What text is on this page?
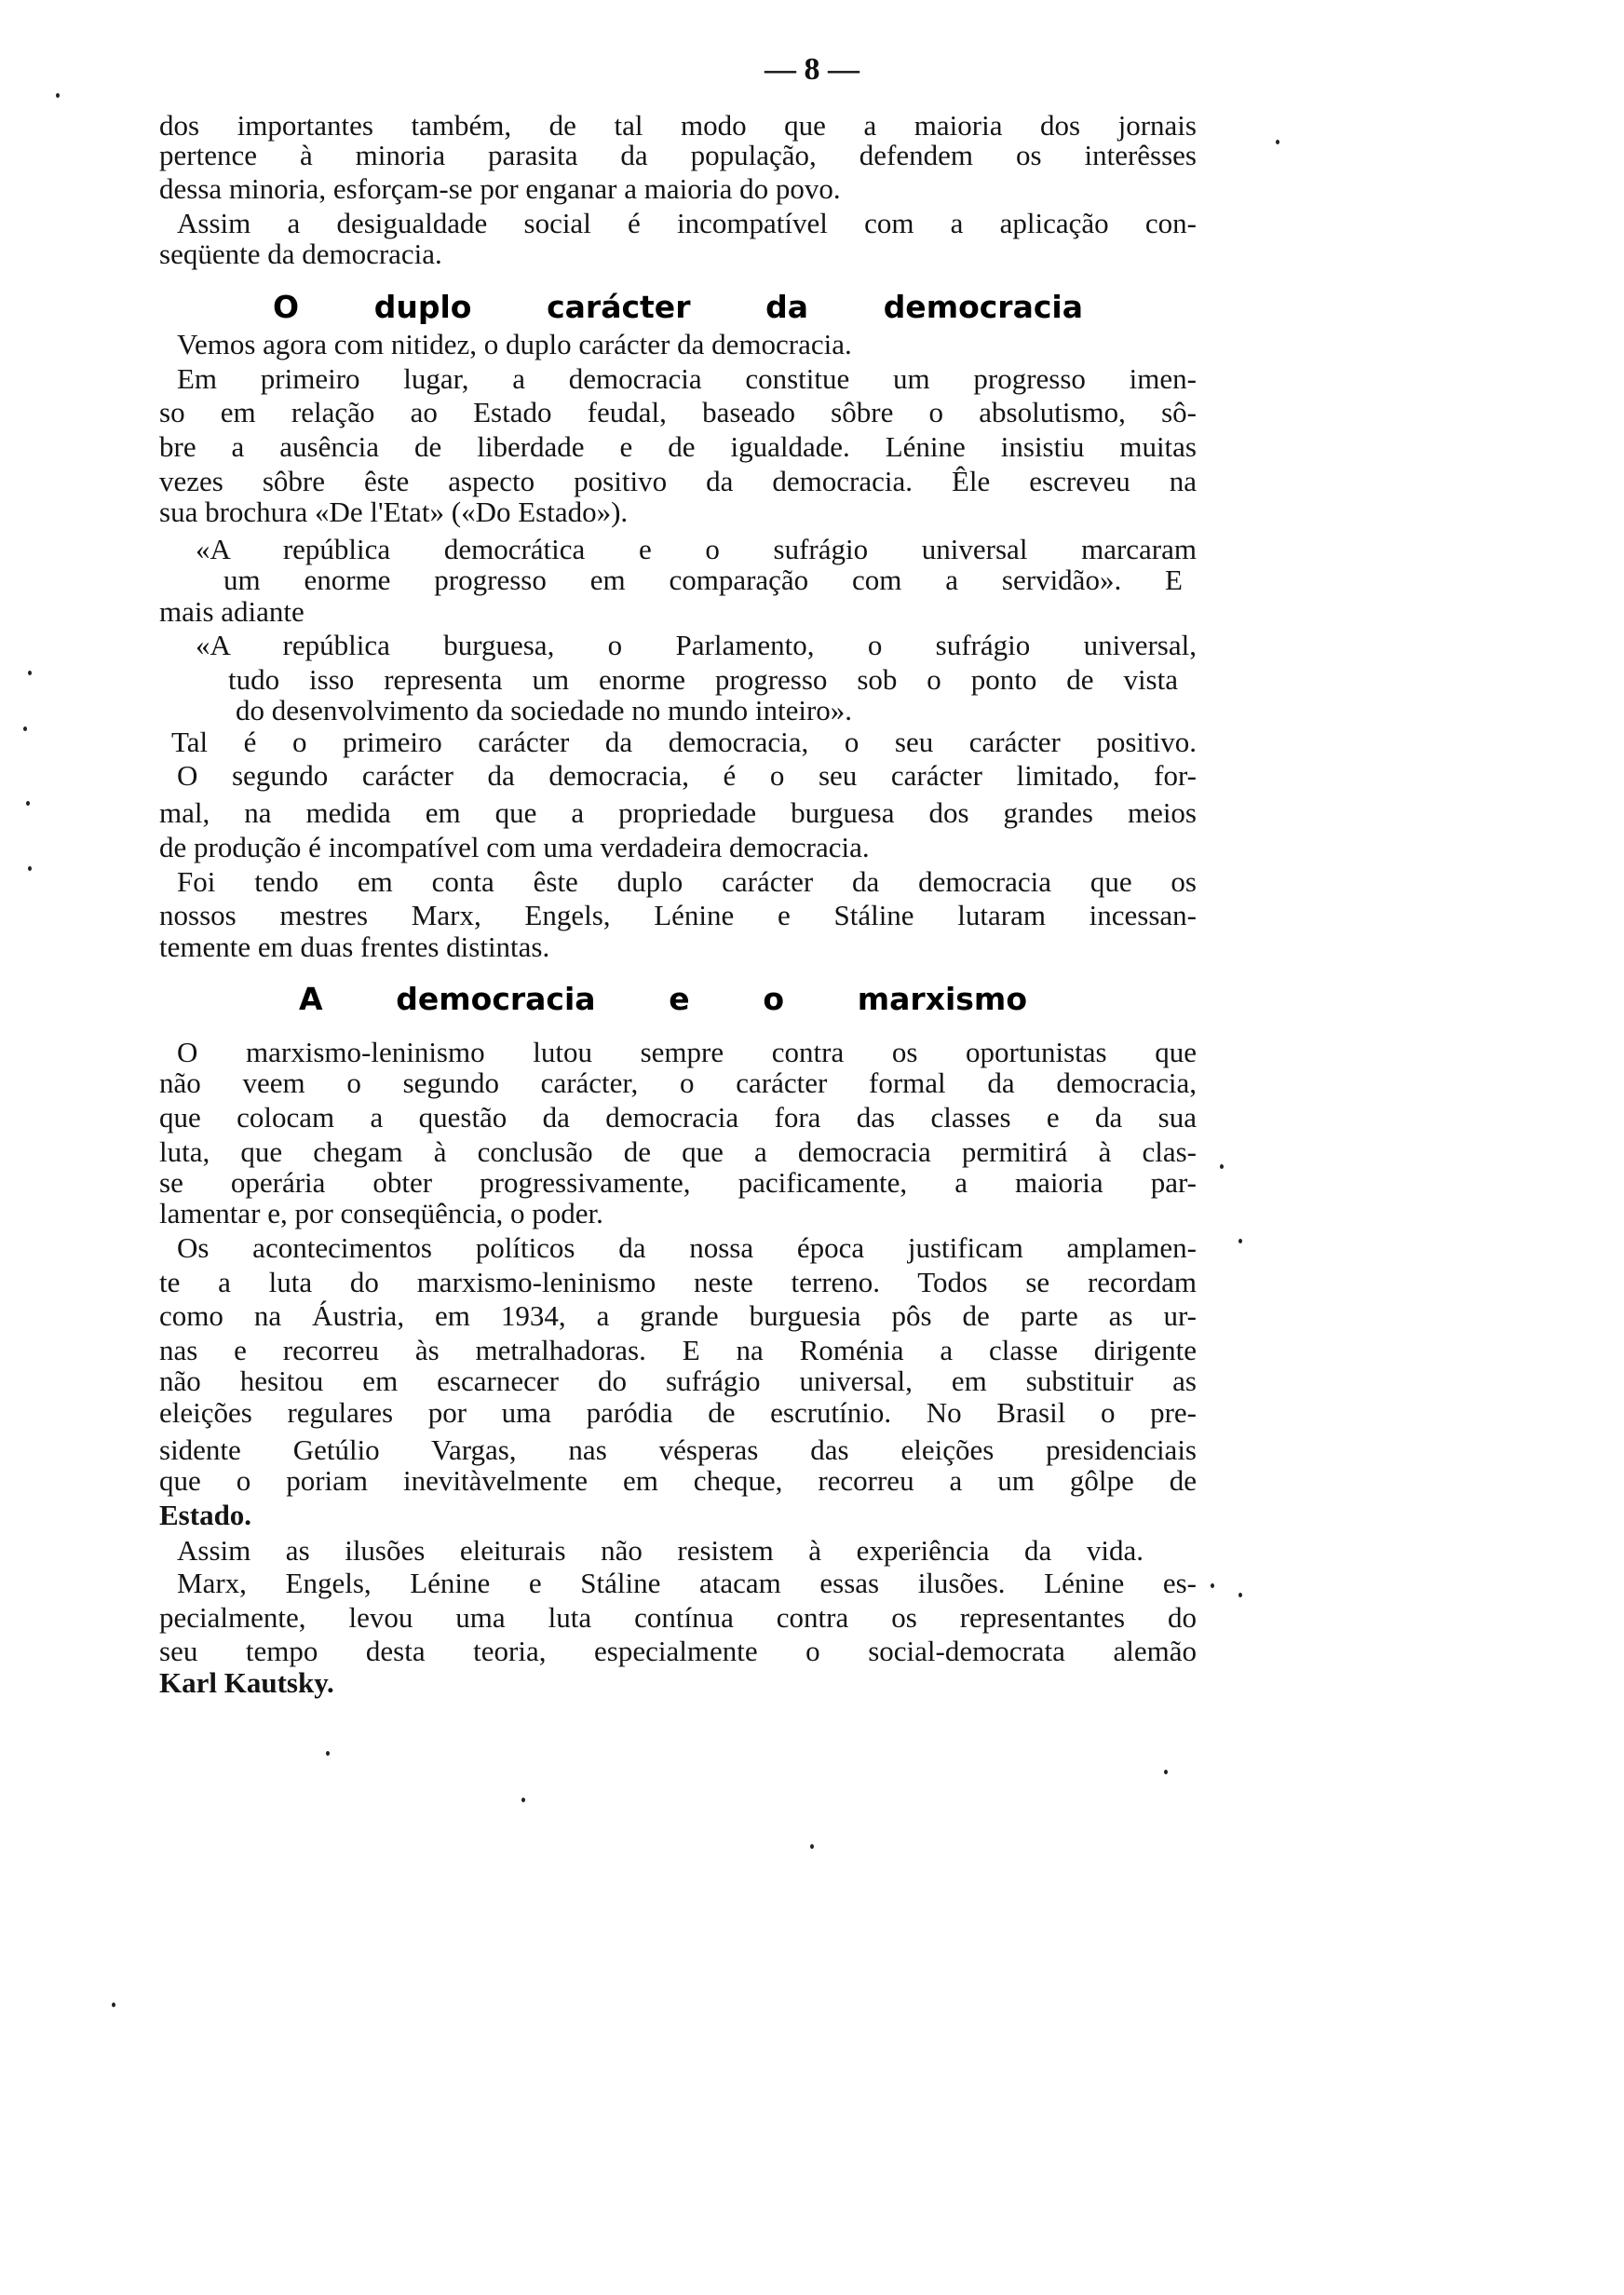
— 8 —
O duplo carácter da democracia
A democracia e o marxismo
dos importantes também, de tal modo que a maioria dos jornais
pertence à minoria parasita da população, defendem os interêsses
dessa minoria, esforçam-se por enganar a maioria do povo.
Assim a desigualdade social é incompatível com a aplicação con-
seqüente da democracia.
Vemos agora com nitidez, o duplo carácter da democracia.
Em primeiro lugar, a democracia constitue um progresso imen-
so em relação ao Estado feudal, baseado sôbre o absolutismo, sô-
bre a ausência de liberdade e de igualdade. Lénine insistiu muitas
vezes sôbre êste aspecto positivo da democracia. Êle escreveu na
sua brochura «De l'Etat» («Do Estado»).
«A república democrática e o sufrágio universal marcaram
um enorme progresso em comparação com a servidão». E
mais adiante
«A república burguesa, o Parlamento, o sufrágio universal,
tudo isso representa um enorme progresso sob o ponto de vista
do desenvolvimento da sociedade no mundo inteiro».
Tal é o primeiro carácter da democracia, o seu carácter positivo.
O segundo carácter da democracia, é o seu carácter limitado, for-
mal, na medida em que a propriedade burguesa dos grandes meios
de produção é incompatível com uma verdadeira democracia.
Foi tendo em conta êste duplo carácter da democracia que os
nossos mestres Marx, Engels, Lénine e Stáline lutaram incessan-
temente em duas frentes distintas.
O marxismo-leninismo lutou sempre contra os oportunistas que
não veem o segundo carácter, o carácter formal da democracia,
que colocam a questão da democracia fora das classes e da sua
luta, que chegam à conclusão de que a democracia permitirá à clas-
se operária obter progressivamente, pacificamente, a maioria par-
lamentar e, por conseqüência, o poder.
Os acontecimentos políticos da nossa época justificam amplamen-
te a luta do marxismo-leninismo neste terreno. Todos se recordam
como na Áustria, em 1934, a grande burguesia pôs de parte as ur-
nas e recorreu às metralhadoras. E na Roménia a classe dirigente
não hesitou em escarnecer do sufrágio universal, em substituir as
eleições regulares por uma paródia de escrutínio. No Brasil o pre-
sidente Getúlio Vargas, nas vésperas das eleições presidenciais
que o poriam inevitàvelmente em cheque, recorreu a um gôlpe de
Estado.
Assim as ilusões eleiturais não resistem à experiência da vida.
Marx, Engels, Lénine e Stáline atacam essas ilusões. Lénine es-
pecialmente, levou uma luta contínua contra os representantes do
seu tempo desta teoria, especialmente o social-democrata alemão
Karl Kautsky.
